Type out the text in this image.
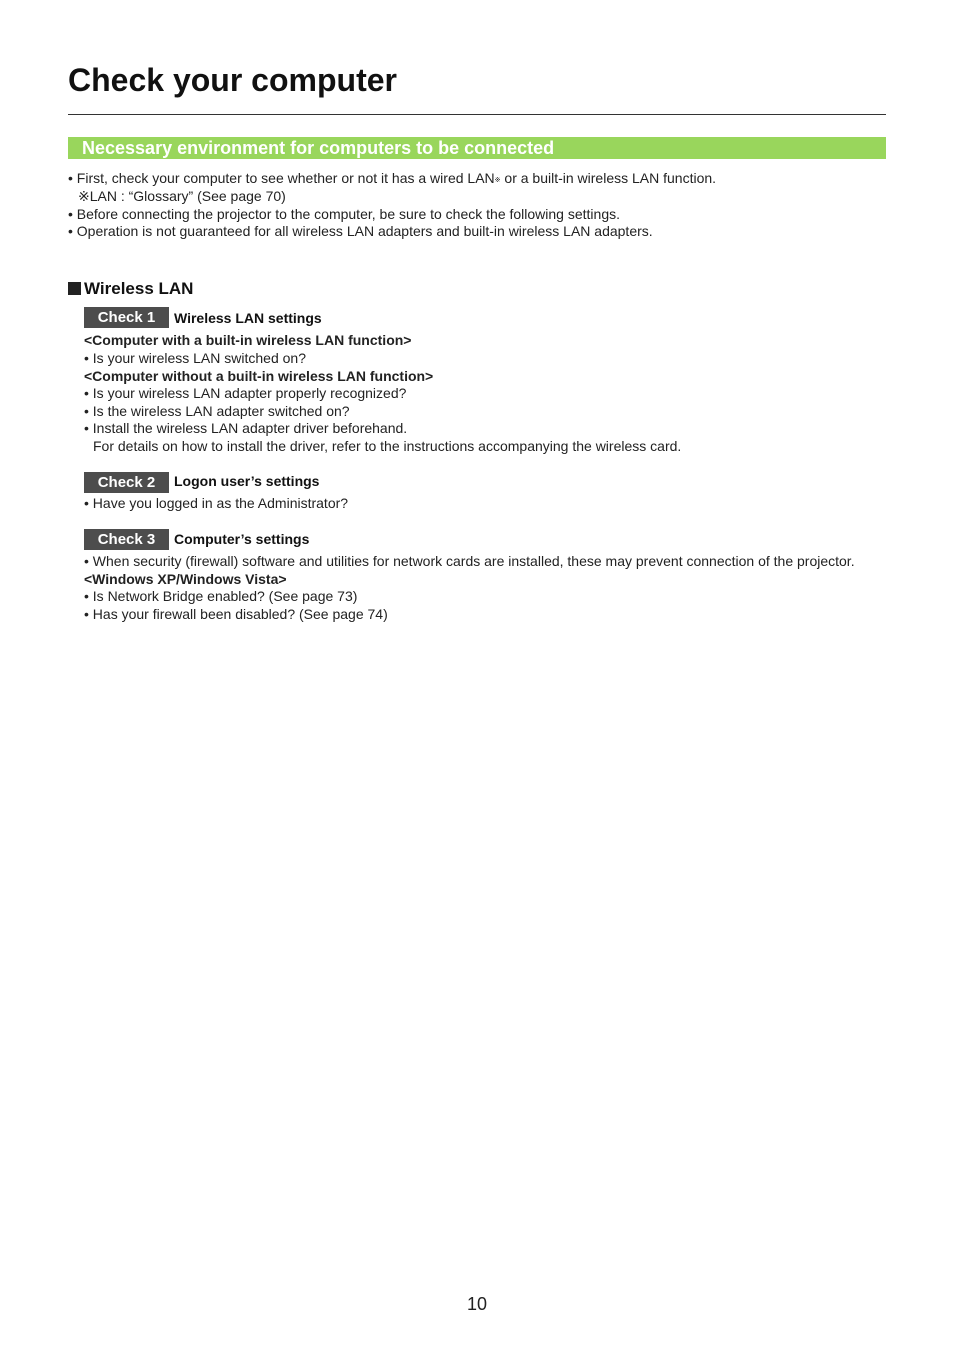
Check your computer
Necessary environment for computers to be connected
• First, check your computer to see whether or not it has a wired LAN※ or a built-in wireless LAN function.
※LAN : “Glossary” (See page 70)
• Before connecting the projector to the computer, be sure to check the following settings.
• Operation is not guaranteed for all wireless LAN adapters and built-in wireless LAN adapters.
Wireless LAN
Check 1	Wireless LAN settings
<Computer with a built-in wireless LAN function>
• Is your wireless LAN switched on?
<Computer without a built-in wireless LAN function>
• Is your wireless LAN adapter properly recognized?
• Is the wireless LAN adapter switched on?
• Install the wireless LAN adapter driver beforehand.
For details on how to install the driver, refer to the instructions accompanying the wireless card.
Check 2	Logon user’s settings
• Have you logged in as the Administrator?
Check 3	Computer’s settings
• When security (firewall) software and utilities for network cards are installed, these may prevent connection of the projector.
<Windows XP/Windows Vista>
• Is Network Bridge enabled? (See page 73)
• Has your firewall been disabled? (See page 74)
10
